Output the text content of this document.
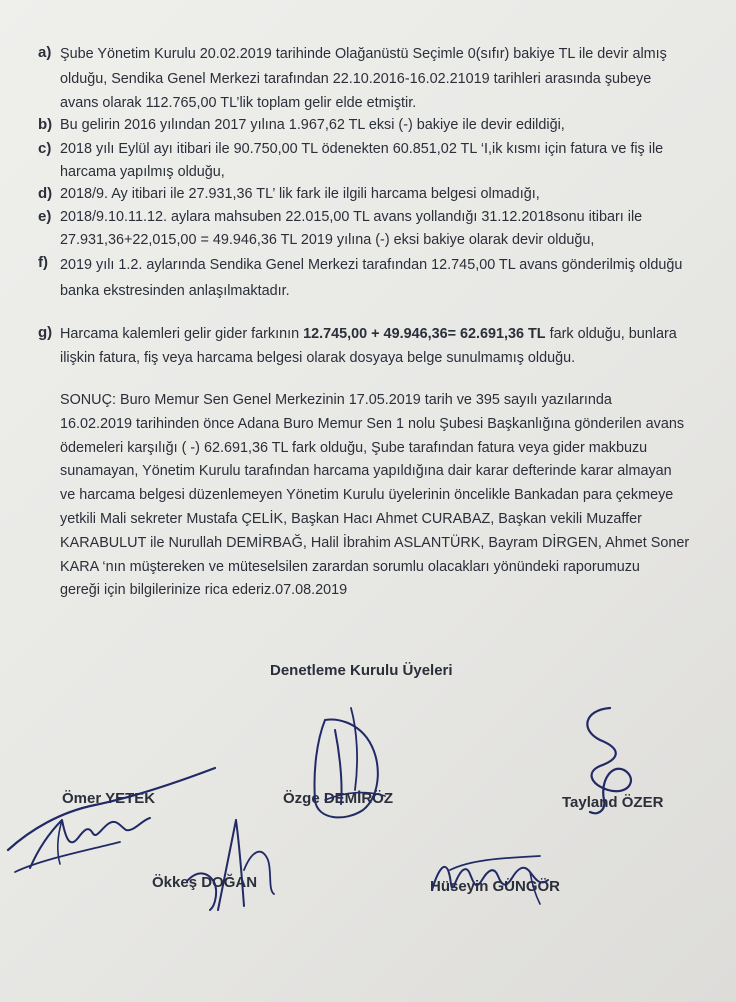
a) Şube Yönetim Kurulu 20.02.2019 tarihinde Olağanüstü Seçimle 0(sıfır) bakiye TL ile devir almış
olduğu, Sendika Genel Merkezi tarafından 22.10.2016-16.02.21019 tarihleri arasında şubeye
avans olarak 112.765,00 TL’lik toplam gelir elde etmiştir.
b) Bu gelirin 2016 yılından 2017 yılına 1.967,62 TL eksi (-) bakiye ile devir edildiği,
c) 2018 yılı Eylül ayı itibari ile 90.750,00 TL ödenekten 60.851,02 TL ‘I,ik kısmı için fatura ve fiş ile
harcama yapılmış olduğu,
d) 2018/9. Ay itibari ile 27.931,36 TL’ lik fark ile ilgili harcama belgesi olmadığı,
e) 2018/9.10.11.12. aylara mahsuben 22.015,00 TL avans yollandığı 31.12.2018sonu itibarı ile
27.931,36+22,015,00 = 49.946,36 TL 2019 yılına (-) eksi bakiye olarak devir olduğu,
f) 2019 yılı 1.2. aylarında Sendika Genel Merkezi tarafından 12.745,00 TL avans gönderilmiş olduğu
banka ekstresinden anlaşılmaktadır.
g) Harcama kalemleri gelir gider farkının 12.745,00 + 49.946,36= 62.691,36 TL fark olduğu, bunlara
ilişkin fatura, fiş veya harcama belgesi olarak dosyaya belge sunulmamış olduğu.
SONUÇ: Buro Memur Sen Genel Merkezinin 17.05.2019 tarih ve 395 sayılı yazılarında
16.02.2019 tarihinden önce Adana Buro Memur Sen 1 nolu Şubesi Başkanlığına gönderilen avans
ödemeleri karşılığı ( -) 62.691,36 TL fark olduğu, Şube tarafından fatura veya gider makbuzu
sunamayan, Yönetim Kurulu tarafından harcama yapıldığına dair karar defterinde karar almayan
ve harcama belgesi düzenlemeyen Yönetim Kurulu üyelerinin öncelikle Bankadan para çekmeye
yetkili Mali sekreter Mustafa ÇELİK, Başkan Hacı Ahmet CURABAZ, Başkan vekili Muzaffer
KARABULUT ile Nurullah DEMİRBAĞ, Halil İbrahim ASLANTÜRK, Bayram DİRGEN, Ahmet Soner
KARA ‘nın müştereken ve müteselsilen zarardan sorumlu olacakları yönündeki raporumuzu
gereği için bilgilerinize rica ederiz.07.08.2019
Denetleme Kurulu Üyeleri
Ömer YETEK	Özge DEMİRÖZ	Tayland ÖZER
Ökkeş DOĞAN	Hüseyin GÜNGÖR
